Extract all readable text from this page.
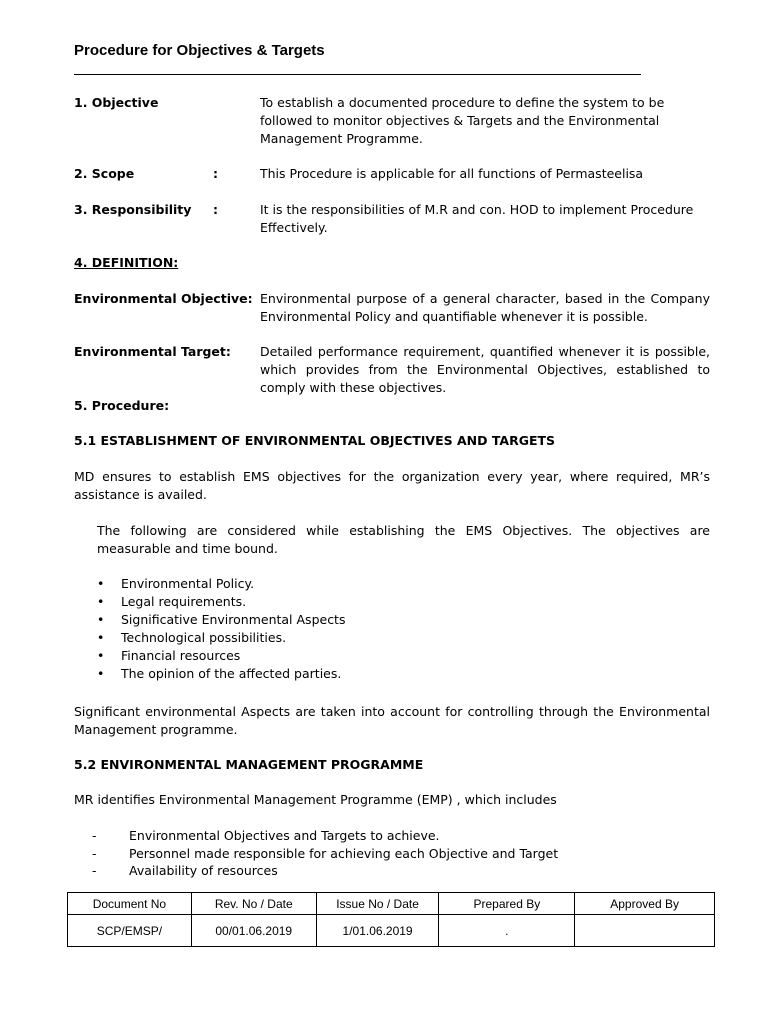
Procedure for Objectives & Targets
1. Objective	To establish a documented procedure to define the system to be followed to monitor objectives & Targets and the Environmental Management Programme.
2. Scope	:	This Procedure is applicable for all functions of Permasteelisa
3. Responsibility :	It is the responsibilities of M.R and con. HOD to implement Procedure Effectively.
4. DEFINITION:
Environmental Objective: Environmental purpose of a general character, based in the Company Environmental Policy and quantifiable whenever it is possible.
Environmental Target: Detailed performance requirement, quantified whenever it is possible, which provides from the Environmental Objectives, established to comply with these objectives.
5. Procedure:
5.1 ESTABLISHMENT OF ENVIRONMENTAL OBJECTIVES AND TARGETS
MD ensures to establish EMS objectives for the organization every year, where required, MR’s assistance is availed.
The following are considered while establishing the EMS Objectives. The objectives are measurable and time bound.
• Environmental Policy.
• Legal requirements.
• Significative Environmental Aspects
• Technological possibilities.
• Financial resources
• The opinion of the affected parties.
Significant environmental Aspects are taken into account for controlling through the Environmental Management programme.
5.2 ENVIRONMENTAL MANAGEMENT PROGRAMME
MR identifies Environmental Management Programme (EMP) , which includes
- Environmental Objectives and Targets to achieve.
- Personnel made responsible for achieving each Objective and Target
- Availability of resources
Document No	Rev. No / Date	Issue No / Date	Prepared By	Approved By
SCP/EMSP/	00/01.06.2019	1/01.06.2019	.	
